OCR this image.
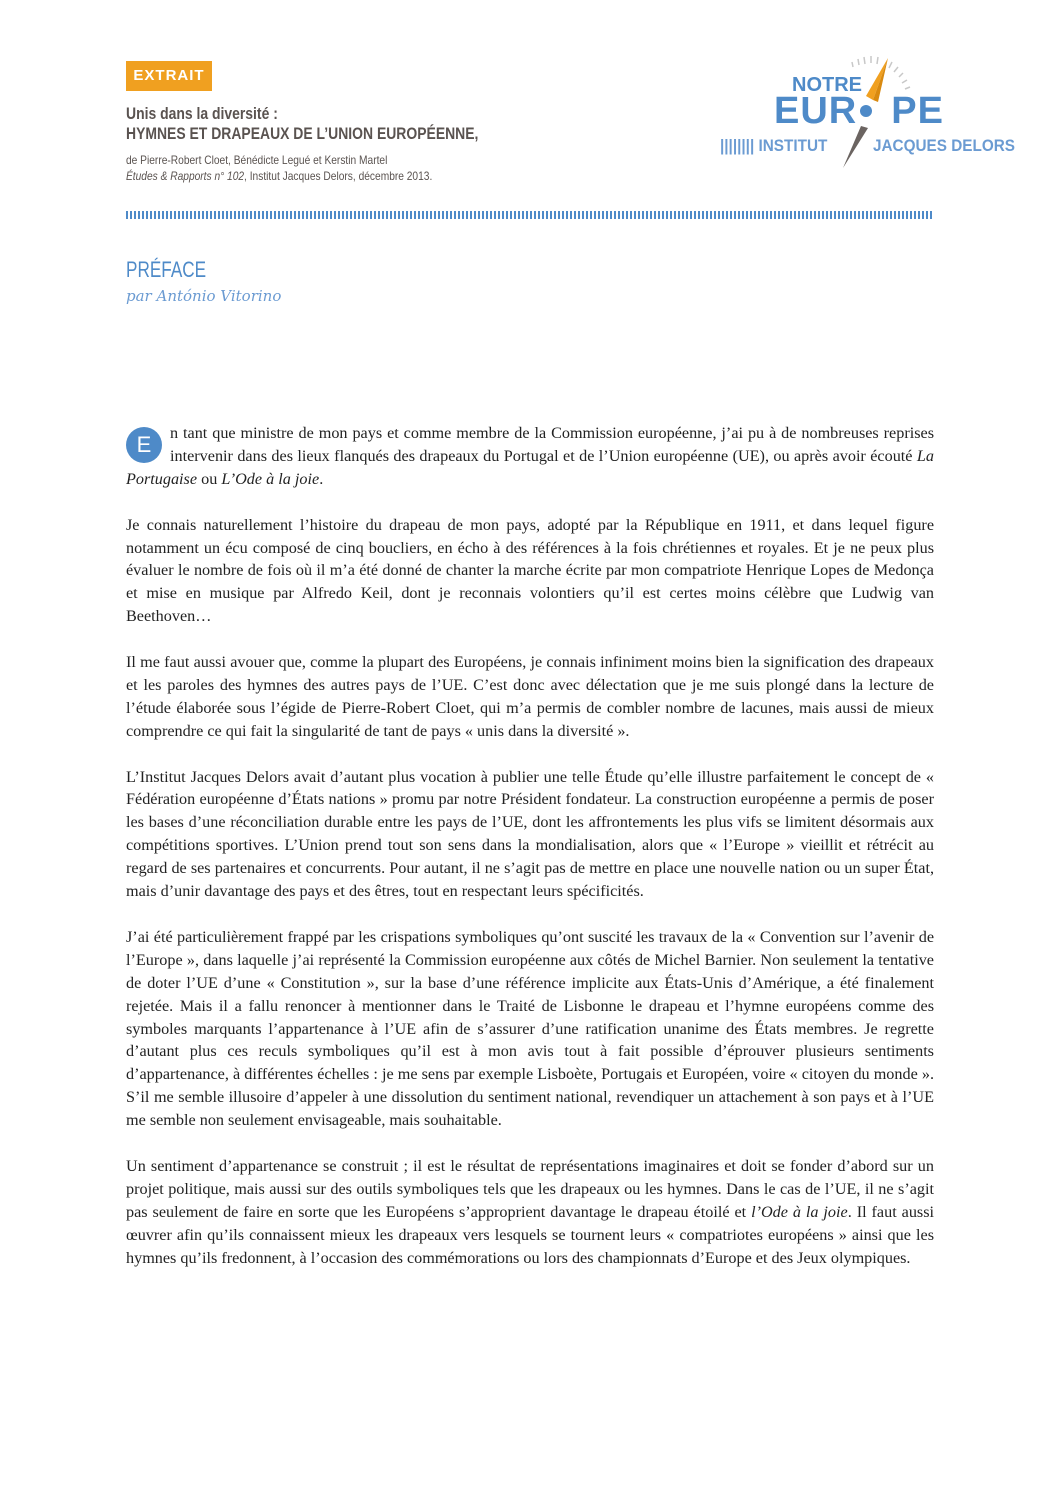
EXTRAIT
Unis dans la diversité :
HYMNES ET DRAPEAUX DE L’UNION EUROPÉENNE,
de Pierre-Robert Cloet, Bénédicte Legué et Kerstin Martel
Études & Rapports n° 102, Institut Jacques Delors, décembre 2013.
NOTRE
EUR PE
|||||||| INSTITUT	JACQUES DELORS
PRÉFACE
par António Vitorino

E	n tant que ministre de mon pays et comme membre de la Commission européenne, j’ai pu à de nombreuses reprises intervenir dans des lieux flanqués des drapeaux du Portugal et de l’Union européenne (UE), ou après avoir écouté La Portugaise ou L’Ode à la joie.

Je connais naturellement l’histoire du drapeau de mon pays, adopté par la République en 1911, et dans lequel figure notamment un écu composé de cinq boucliers, en écho à des références à la fois chrétiennes et royales. Et je ne peux plus évaluer le nombre de fois où il m’a été donné de chanter la marche écrite par mon compatriote Henrique Lopes de Medonça et mise en musique par Alfredo Keil, dont je reconnais volontiers qu’il est certes moins célèbre que Ludwig van Beethoven…

Il me faut aussi avouer que, comme la plupart des Européens, je connais infiniment moins bien la signification des drapeaux et les paroles des hymnes des autres pays de l’UE. C’est donc avec délectation que je me suis plongé dans la lecture de l’étude élaborée sous l’égide de Pierre-Robert Cloet, qui m’a permis de combler nombre de lacunes, mais aussi de mieux comprendre ce qui fait la singularité de tant de pays « unis dans la diversité ».

L’Institut Jacques Delors avait d’autant plus vocation à publier une telle Étude qu’elle illustre parfaitement le concept de « Fédération européenne d’États nations » promu par notre Président fondateur. La construction européenne a permis de poser les bases d’une réconciliation durable entre les pays de l’UE, dont les affrontements les plus vifs se limitent désormais aux compétitions sportives. L’Union prend tout son sens dans la mondialisation, alors que « l’Europe » vieillit et rétrécit au regard de ses partenaires et concurrents. Pour autant, il ne s’agit pas de mettre en place une nouvelle nation ou un super État, mais d’unir davantage des pays et des êtres, tout en respectant leurs spécificités.

J’ai été particulièrement frappé par les crispations symboliques qu’ont suscité les travaux de la « Convention sur l’avenir de l’Europe », dans laquelle j’ai représenté la Commission européenne aux côtés de Michel Barnier. Non seulement la tentative de doter l’UE d’une « Constitution », sur la base d’une référence implicite aux États-Unis d’Amérique, a été finalement rejetée. Mais il a fallu renoncer à mentionner dans le Traité de Lisbonne le drapeau et l’hymne européens comme des symboles marquants l’appartenance à l’UE afin de s’assurer d’une ratification unanime des États membres. Je regrette d’autant plus ces reculs symboliques qu’il est à mon avis tout à fait possible d’éprouver plusieurs sentiments d’appartenance, à différentes échelles : je me sens par exemple Lisboète, Portugais et Européen, voire « citoyen du monde ». S’il me semble illusoire d’appeler à une dissolution du sentiment national, revendiquer un attachement à son pays et à l’UE me semble non seulement envisageable, mais souhaitable.

Un sentiment d’appartenance se construit ; il est le résultat de représentations imaginaires et doit se fonder d’abord sur un projet politique, mais aussi sur des outils symboliques tels que les drapeaux ou les hymnes. Dans le cas de l’UE, il ne s’agit pas seulement de faire en sorte que les Européens s’approprient davantage le drapeau étoilé et l’Ode à la joie. Il faut aussi œuvrer afin qu’ils connaissent mieux les drapeaux vers lesquels se tournent leurs « compatriotes européens » ainsi que les hymnes qu’ils fredonnent, à l’occasion des commémorations ou lors des championnats d’Europe et des Jeux olympiques.
